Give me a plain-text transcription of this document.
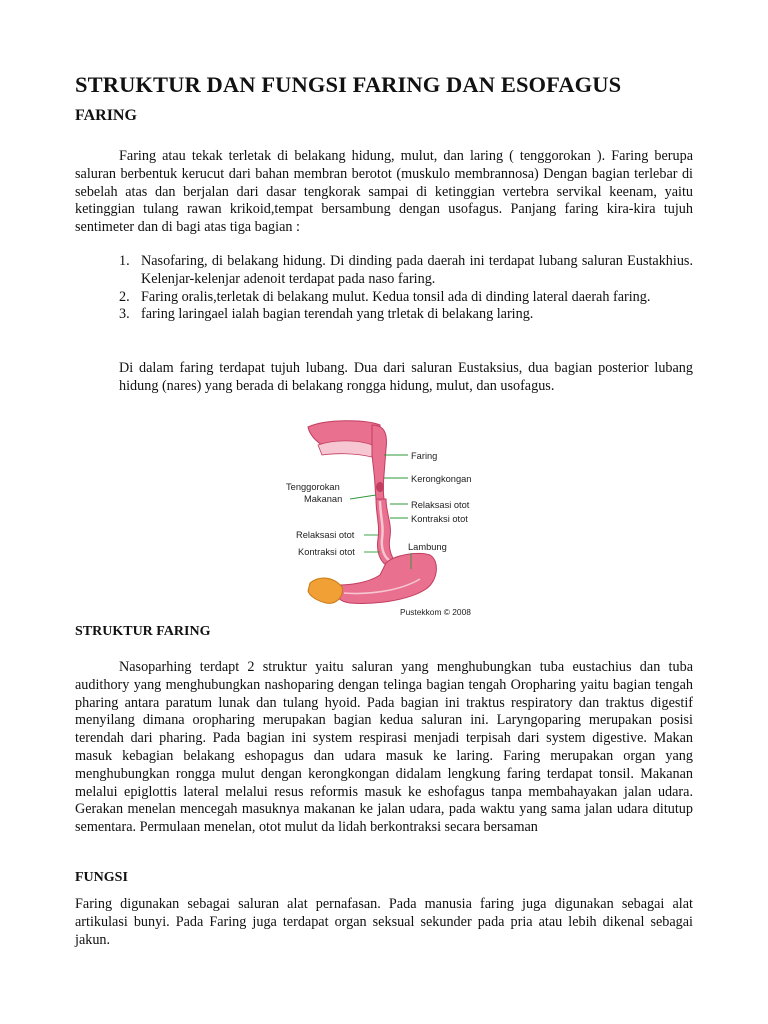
STRUKTUR DAN FUNGSI FARING DAN ESOFAGUS
FARING

Faring atau tekak terletak di belakang hidung, mulut, dan laring ( tenggorokan ). Faring berupa saluran berbentuk kerucut dari bahan membran berotot (muskulo membrannosa) Dengan bagian terlebar di sebelah atas dan berjalan dari dasar tengkorak sampai di ketinggian vertebra servikal keenam, yaitu ketinggian tulang rawan krikoid,tempat bersambung dengan usofagus. Panjang faring kira-kira tujuh sentimeter dan di bagi atas tiga bagian :

1. Nasofaring, di belakang hidung. Di dinding pada daerah ini terdapat lubang saluran Eustakhius. Kelenjar-kelenjar adenoit terdapat pada naso faring.
2. Faring oralis,terletak di belakang mulut. Kedua tonsil ada di dinding lateral daerah faring.
3. faring laringael ialah bagian terendah yang trletak di belakang laring.

Di dalam faring terdapat tujuh lubang. Dua dari saluran Eustaksius, dua bagian posterior lubang hidung (nares) yang berada di belakang rongga hidung, mulut, dan usofagus.

Faring
Kerongkongan
Tenggorokan
Makanan
Relaksasi otot
Kontraksi otot
Relaksasi otot
Kontraksi otot	Lambung
Pustekkom © 2008
STRUKTUR FARING

Nasoparhing terdapt 2 struktur yaitu saluran yang menghubungkan tuba eustachius dan tuba audithory yang menghubungkan nashoparing dengan telinga bagian tengah Oropharing yaitu bagian tengah pharing antara paratum lunak dan tulang hyoid. Pada bagian ini traktus respiratory dan traktus digestif menyilang dimana oropharing merupakan bagian kedua saluran ini. Laryngoparing merupakan posisi terendah dari pharing. Pada bagian ini system respirasi menjadi terpisah dari system digestive. Makan masuk kebagian belakang eshopagus dan udara masuk ke laring. Faring merupakan organ yang menghubungkan rongga mulut dengan kerongkongan didalam lengkung faring terdapat tonsil. Makanan melalui epiglottis lateral melalui resus reformis masuk ke eshofagus tanpa membahayakan jalan udara. Gerakan menelan mencegah masuknya makanan ke jalan udara, pada waktu yang sama jalan udara ditutup sementara. Permulaan menelan, otot mulut da lidah berkontraksi secara bersaman

FUNGSI

Faring digunakan sebagai saluran alat pernafasan. Pada manusia faring juga digunakan sebagai alat artikulasi bunyi. Pada Faring juga terdapat organ seksual sekunder pada pria atau lebih dikenal sebagai jakun.
